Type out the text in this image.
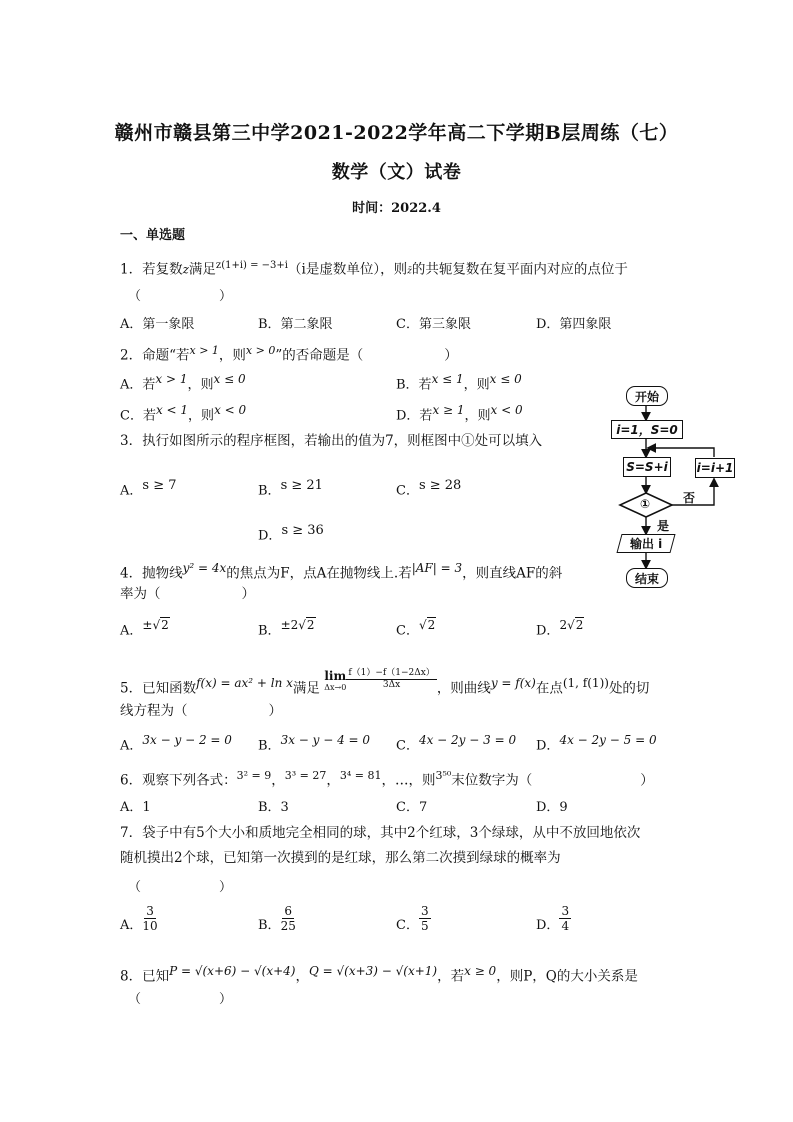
赣州市赣县第三中学2021-2022学年高二下学期B层周练（七）
数学（文）试卷
时间：2022.4
一、单选题
1．若复数z满足$^{z(1+i) = -3+i}$（i是虚数单位），则z̄的共轭复数在复平面内对应的点位于
（　　　　　　）
A．第一象限	B．第二象限	C．第三象限	D．第四象限
2．命题“若$^{x > 1}$，则$^{x > 0}$”的否命题是（　　　　　　）
A．若$^{x > 1}$，则$^{x \le 0}$	B．若$^{x \le 1}$，则$^{x \le 0}$
C．若$^{x < 1}$，则$^{x < 0}$	D．若$^{x \ge 1}$，则$^{x < 0}$
3．执行如图所示的程序框图，若输出的值为7，则框图中①处可以填入
A．$^{s \ge 7}$	B．$^{s \ge 21}$	C．$^{s \ge 28}$
D．$^{s \ge 36}$
开始
i=1，S=0
S=S+i i=i+1
①	否
是
输出 i
结束
4．抛物线$^{y^2 = 4x}$的焦点为F，点A在抛物线上.若$^{|AF| = 3}$，则直线AF的斜
率为（　　　　　　）
A．$^{\pm√2}$	B．$^{\pm 2√2}$	C．$^{√2}$	D．$^{2√2}$
5．已知函数$^{f(x) = ax^2 + ln x}$满足
lim
$\Delta x\to 0 \frac{f(1)-f(1-2\Delta x)}{3\Delta x}$ ，则曲线$^{y = f(x)}$在点$^{(1, f(1))}$处的切
线方程为（　　　　　　）
A．$^{3x - y - 2 = 0}$ B．$^{3x - y - 4 = 0}$ C．$^{4x - 2y - 3 = 0}$ D．$^{4x - 2y - 5 = 0}$
6．观察下列各式：$^{3^2 = 9}$，$^{3^3 = 27}$，$^{3^4 = 81}$，…，则$^{3^{50}}$末位数字为（　　　　　　　　）
A．1	B．3	C．7	D．9
7．袋子中有5个大小和质地完全相同的球，其中2个红球，3个绿球，从中不放回地依次
随机摸出2个球，已知第一次摸到的是红球，那么第二次摸到绿球的概率为
（　　　　　　）
A． $\frac{3}{10}$	B． $\frac{6}{25}$	C． $\frac{3}{5}$	D． $\frac{3}{4}$
8．已知$^{P = √(x+6) - √(x+4)}$，$^{Q = √(x+3) - √(x+1)}$，若$^{x \ge 0}$，则P，Q的大小关系是
（　　　　　　）
